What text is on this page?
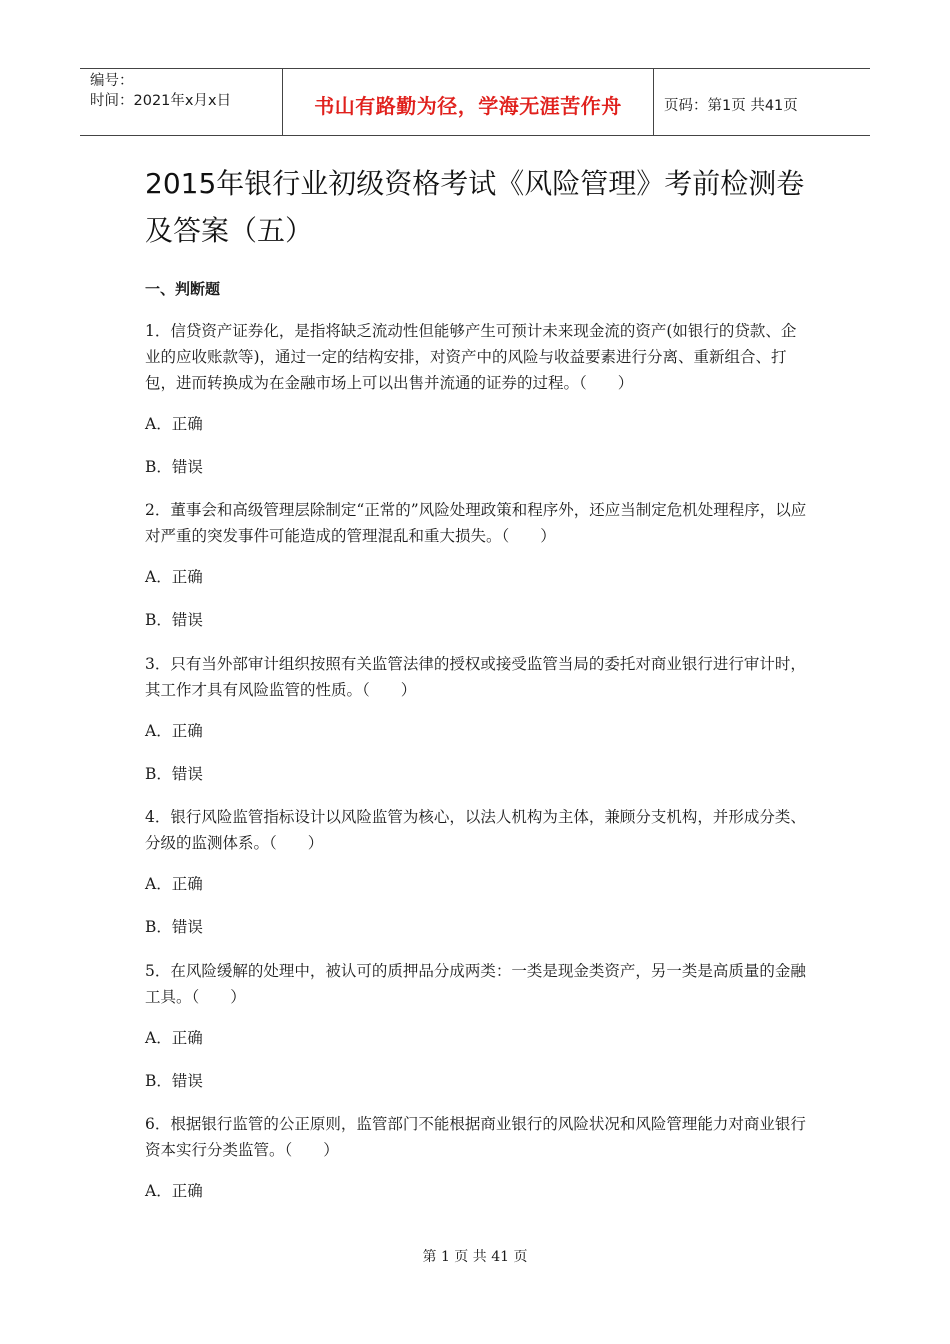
编号：
时间：2021年x月x日	书山有路勤为径，学海无涯苦作舟	页码：第1页 共41页
2015年银行业初级资格考试《风险管理》考前检测卷及答案（五）
一、判断题
1．信贷资产证券化，是指将缺乏流动性但能够产生可预计未来现金流的资产(如银行的贷款、企业的应收账款等)，通过一定的结构安排，对资产中的风险与收益要素进行分离、重新组合、打包，进而转换成为在金融市场上可以出售并流通的证券的过程。（　　）
A．正确
B．错误
2．董事会和高级管理层除制定“正常的”风险处理政策和程序外，还应当制定危机处理程序，以应对严重的突发事件可能造成的管理混乱和重大损失。（　　）
A．正确
B．错误
3．只有当外部审计组织按照有关监管法律的授权或接受监管当局的委托对商业银行进行审计时，其工作才具有风险监管的性质。（　　）
A．正确
B．错误
4．银行风险监管指标设计以风险监管为核心，以法人机构为主体，兼顾分支机构，并形成分类、分级的监测体系。（　　）
A．正确
B．错误
5．在风险缓解的处理中，被认可的质押品分成两类：一类是现金类资产，另一类是高质量的金融工具。（　　）
A．正确
B．错误
6．根据银行监管的公正原则，监管部门不能根据商业银行的风险状况和风险管理能力对商业银行资本实行分类监管。（　　）
A．正确
第 1 页 共 41 页
